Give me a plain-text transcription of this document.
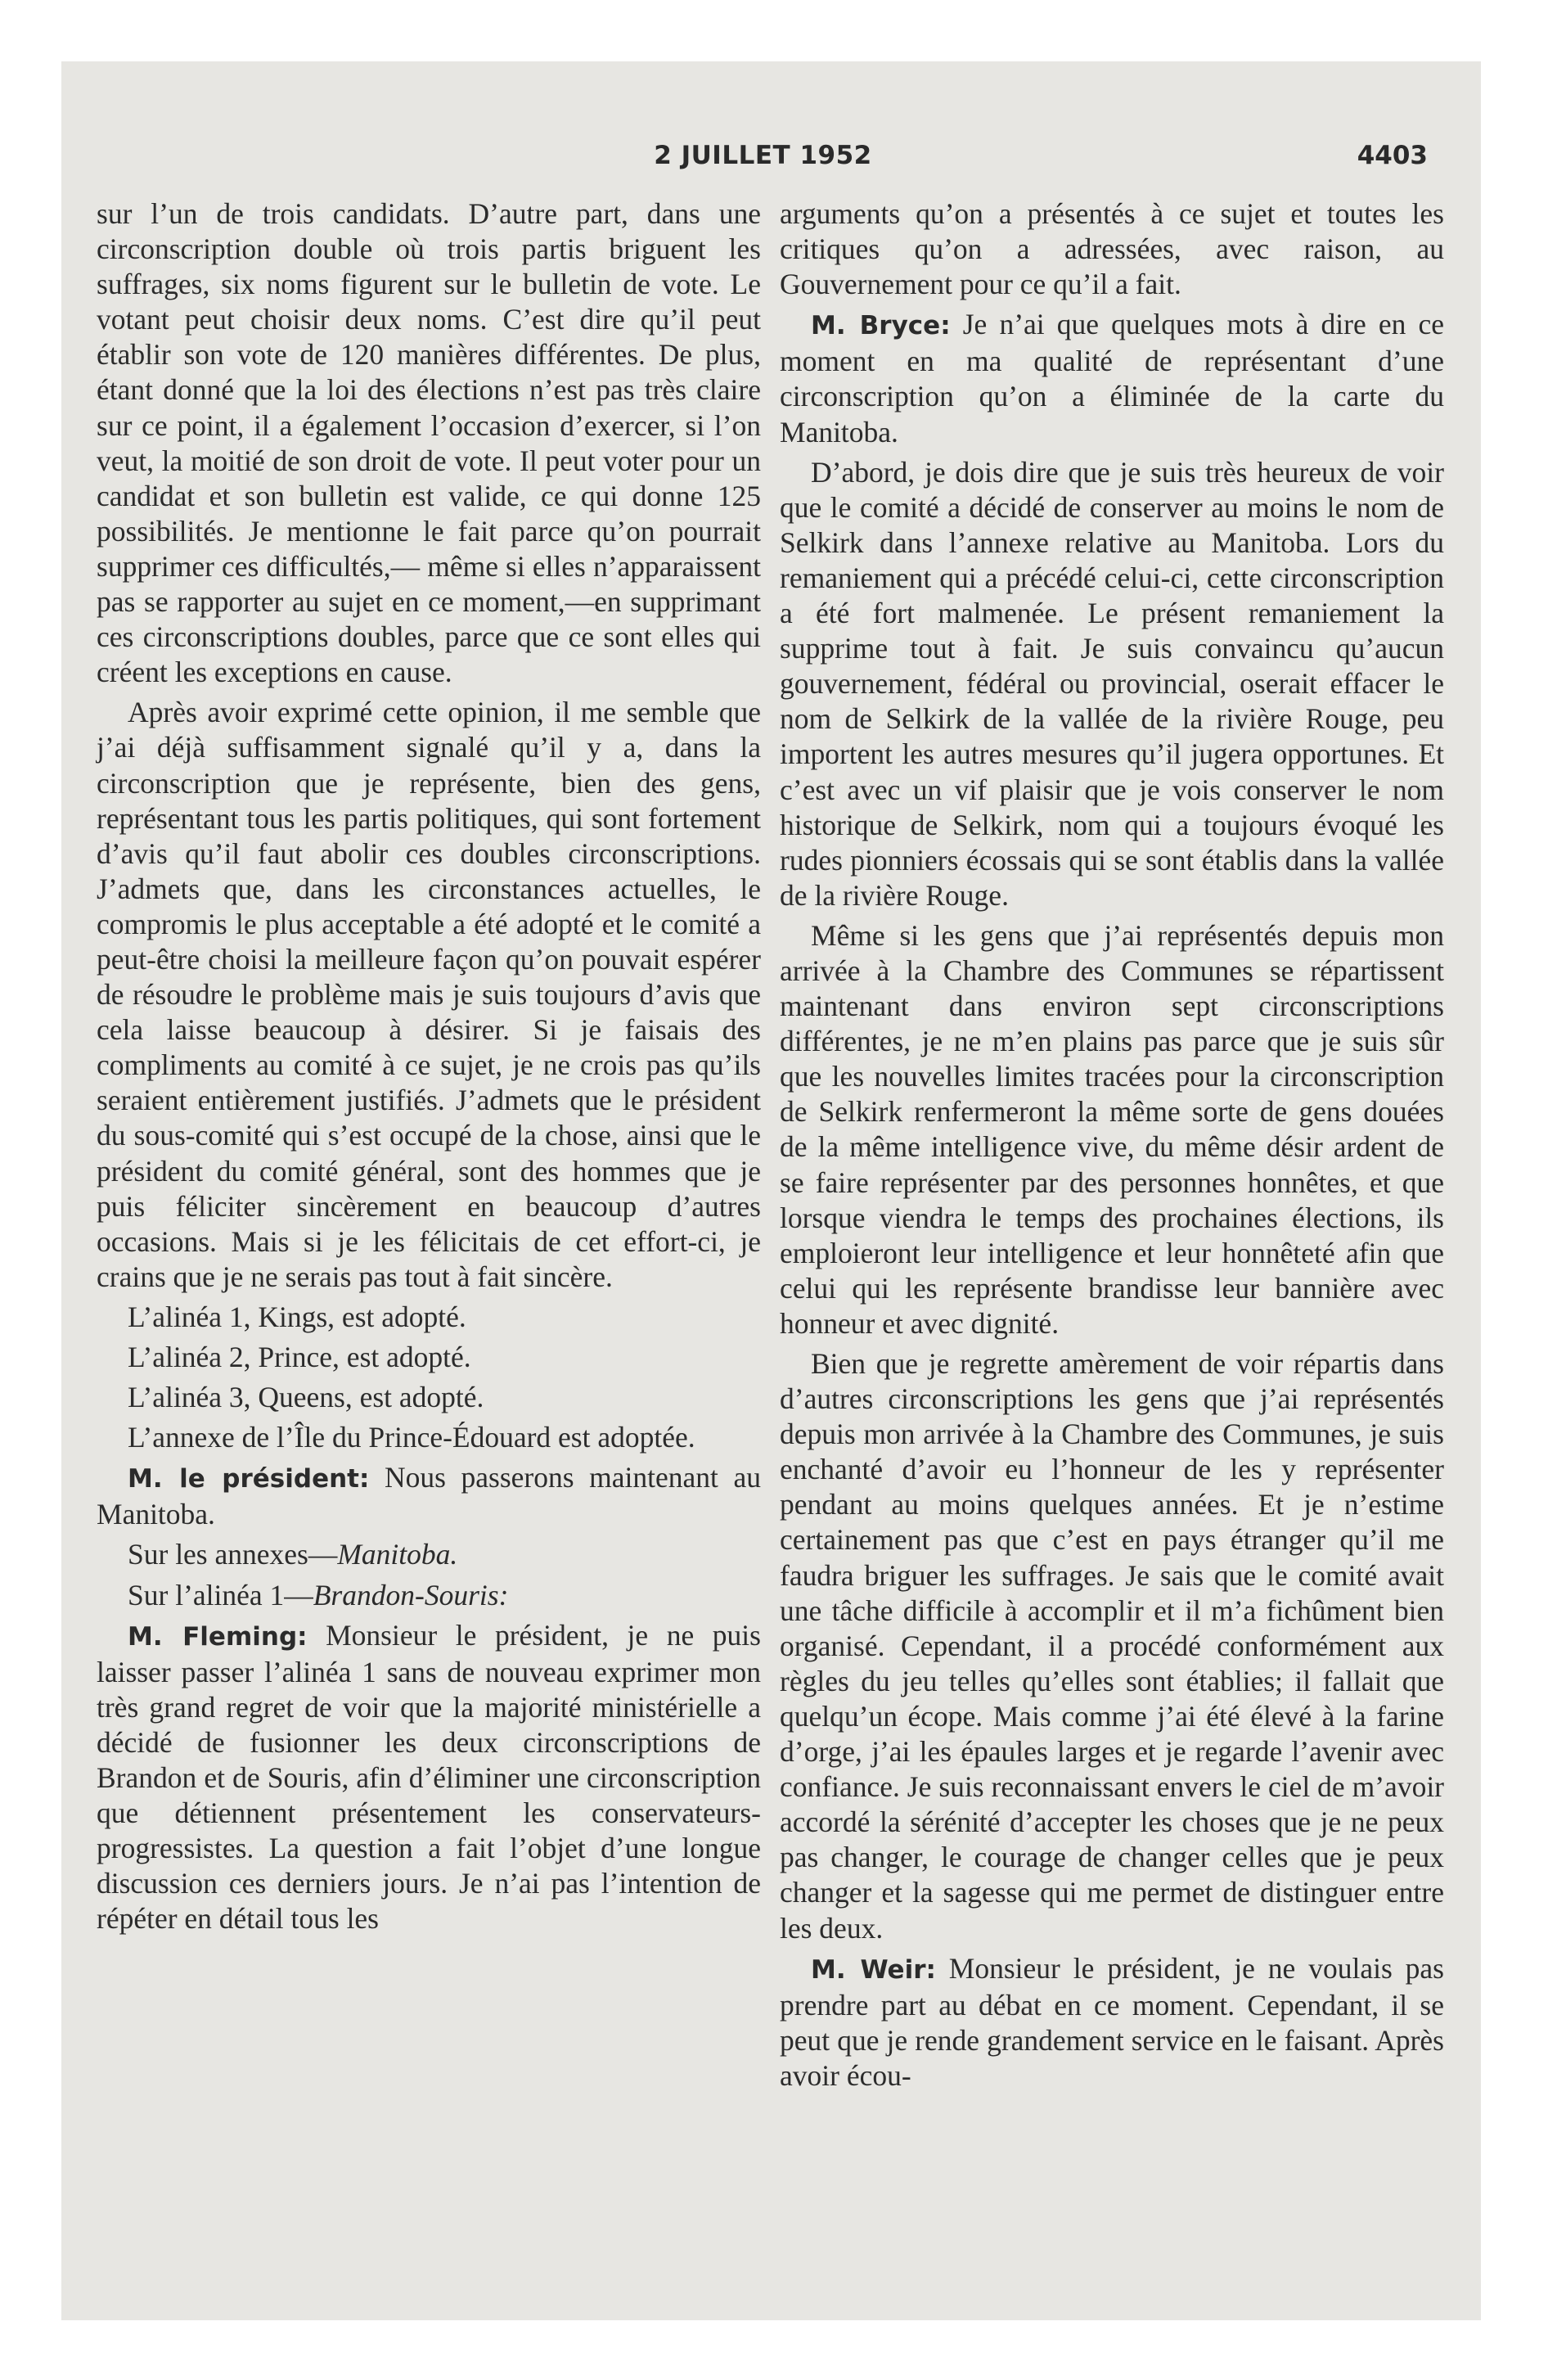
2 JUILLET 1952	4403

sur l’un de trois candidats. D’autre part, dans une circonscription double où trois partis briguent les suffrages, six noms figurent sur le bulletin de vote. Le votant peut choisir deux noms. C’est dire qu’il peut établir son vote de 120 manières différentes. De plus, étant donné que la loi des élections n’est pas très claire sur ce point, il a également l’occasion d’exercer, si l’on veut, la moitié de son droit de vote. Il peut voter pour un candidat et son bulletin est valide, ce qui donne 125 possibilités. Je mentionne le fait parce qu’on pourrait supprimer ces difficultés,— même si elles n’apparaissent pas se rapporter au sujet en ce moment,—en supprimant ces circonscriptions doubles, parce que ce sont elles qui créent les exceptions en cause.

Après avoir exprimé cette opinion, il me semble que j’ai déjà suffisamment signalé qu’il y a, dans la circonscription que je représente, bien des gens, représentant tous les partis politiques, qui sont fortement d’avis qu’il faut abolir ces doubles circonscriptions. J’admets que, dans les circonstances actuelles, le compromis le plus acceptable a été adopté et le comité a peut-être choisi la meilleure façon qu’on pouvait espérer de résoudre le problème mais je suis toujours d’avis que cela laisse beaucoup à désirer. Si je faisais des compliments au comité à ce sujet, je ne crois pas qu’ils seraient entièrement justifiés. J’admets que le président du sous-comité qui s’est occupé de la chose, ainsi que le président du comité général, sont des hommes que je puis féliciter sincèrement en beaucoup d’autres occasions. Mais si je les félicitais de cet effort-ci, je crains que je ne serais pas tout à fait sincère.

L’alinéa 1, Kings, est adopté.

L’alinéa 2, Prince, est adopté.

L’alinéa 3, Queens, est adopté.

L’annexe de l’Île du Prince-Édouard est adoptée.

M. le président: Nous passerons maintenant au Manitoba.

Sur les annexes—Manitoba.

Sur l’alinéa 1—Brandon-Souris:

M. Fleming: Monsieur le président, je ne puis laisser passer l’alinéa 1 sans de nouveau exprimer mon très grand regret de voir que la majorité ministérielle a décidé de fusionner les deux circonscriptions de Brandon et de Souris, afin d’éliminer une circonscription que détiennent présentement les conservateurs-progressistes. La question a fait l’objet d’une longue discussion ces derniers jours. Je n’ai pas l’intention de répéter en détail tous les

arguments qu’on a présentés à ce sujet et toutes les critiques qu’on a adressées, avec raison, au Gouvernement pour ce qu’il a fait.

M. Bryce: Je n’ai que quelques mots à dire en ce moment en ma qualité de représentant d’une circonscription qu’on a éliminée de la carte du Manitoba.

D’abord, je dois dire que je suis très heureux de voir que le comité a décidé de conserver au moins le nom de Selkirk dans l’annexe relative au Manitoba. Lors du remaniement qui a précédé celui-ci, cette circonscription a été fort malmenée. Le présent remaniement la supprime tout à fait. Je suis convaincu qu’aucun gouvernement, fédéral ou provincial, oserait effacer le nom de Selkirk de la vallée de la rivière Rouge, peu importent les autres mesures qu’il jugera opportunes. Et c’est avec un vif plaisir que je vois conserver le nom historique de Selkirk, nom qui a toujours évoqué les rudes pionniers écossais qui se sont établis dans la vallée de la rivière Rouge.

Même si les gens que j’ai représentés depuis mon arrivée à la Chambre des Communes se répartissent maintenant dans environ sept circonscriptions différentes, je ne m’en plains pas parce que je suis sûr que les nouvelles limites tracées pour la circonscription de Selkirk renfermeront la même sorte de gens douées de la même intelligence vive, du même désir ardent de se faire représenter par des personnes honnêtes, et que lorsque viendra le temps des prochaines élections, ils emploieront leur intelligence et leur honnêteté afin que celui qui les représente brandisse leur bannière avec honneur et avec dignité.

Bien que je regrette amèrement de voir répartis dans d’autres circonscriptions les gens que j’ai représentés depuis mon arrivée à la Chambre des Communes, je suis enchanté d’avoir eu l’honneur de les y représenter pendant au moins quelques années. Et je n’estime certainement pas que c’est en pays étranger qu’il me faudra briguer les suffrages. Je sais que le comité avait une tâche difficile à accomplir et il m’a fichûment bien organisé. Cependant, il a procédé conformément aux règles du jeu telles qu’elles sont établies; il fallait que quelqu’un écope. Mais comme j’ai été élevé à la farine d’orge, j’ai les épaules larges et je regarde l’avenir avec confiance. Je suis reconnaissant envers le ciel de m’avoir accordé la sérénité d’accepter les choses que je ne peux pas changer, le courage de changer celles que je peux changer et la sagesse qui me permet de distinguer entre les deux.

M. Weir: Monsieur le président, je ne voulais pas prendre part au débat en ce moment. Cependant, il se peut que je rende grandement service en le faisant. Après avoir écou-
